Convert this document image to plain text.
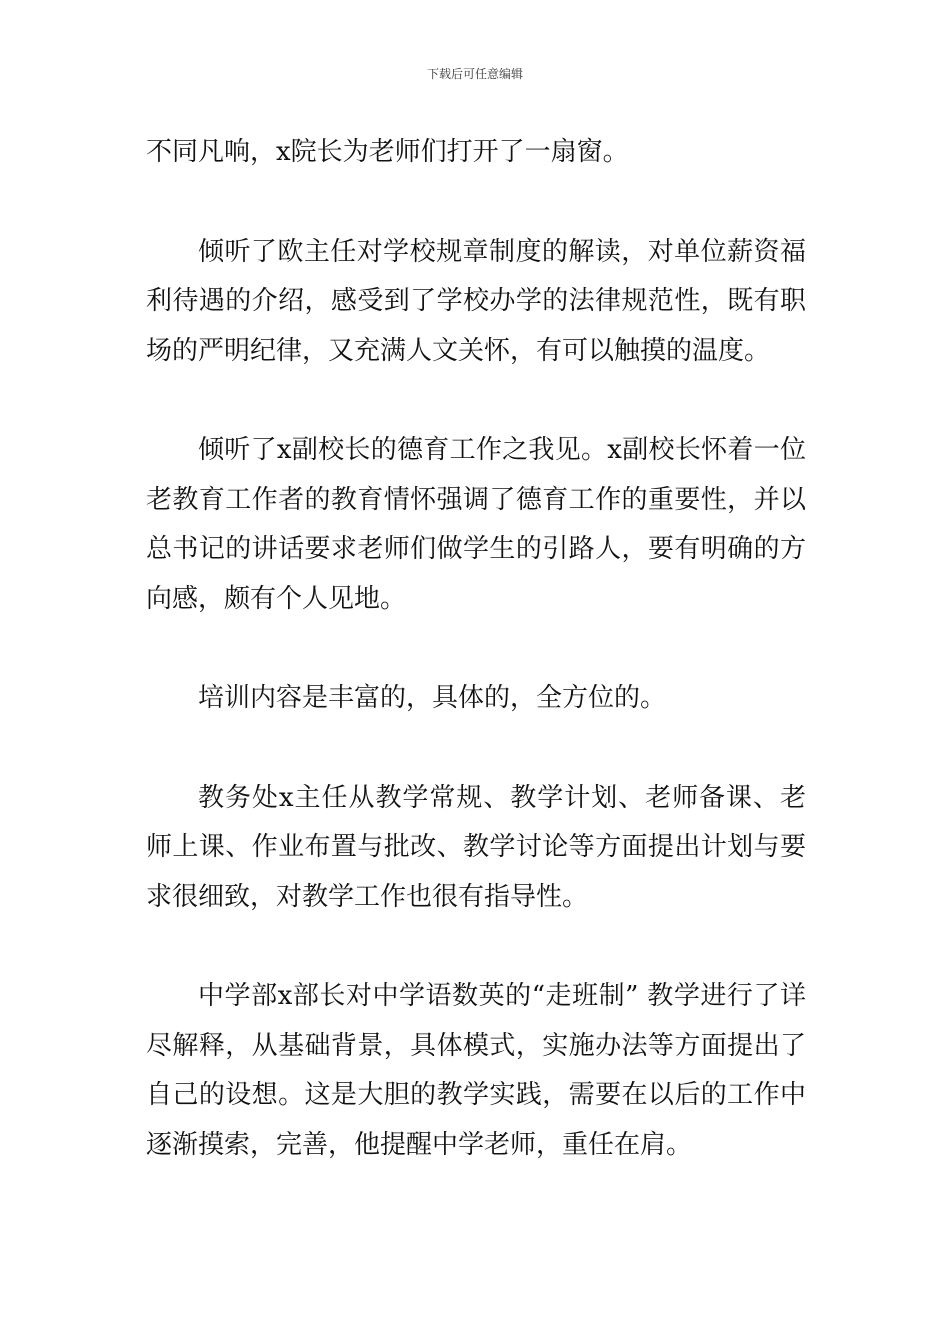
下载后可任意编辑

不同凡响，x院长为老师们打开了一扇窗。

倾听了欧主任对学校规章制度的解读，对单位薪资福利待遇的介绍，感受到了学校办学的法律规范性，既有职场的严明纪律，又充满人文关怀，有可以触摸的温度。

倾听了x副校长的德育工作之我见。x副校长怀着一位老教育工作者的教育情怀强调了德育工作的重要性，并以总书记的讲话要求老师们做学生的引路人，要有明确的方向感，颇有个人见地。

培训内容是丰富的，具体的，全方位的。

教务处x主任从教学常规、教学计划、老师备课、老师上课、作业布置与批改、教学讨论等方面提出计划与要求很细致，对教学工作也很有指导性。

中学部x部长对中学语数英的“走班制” 教学进行了详尽解释，从基础背景，具体模式，实施办法等方面提出了自己的设想。这是大胆的教学实践，需要在以后的工作中逐渐摸索，完善，他提醒中学老师，重任在肩。
